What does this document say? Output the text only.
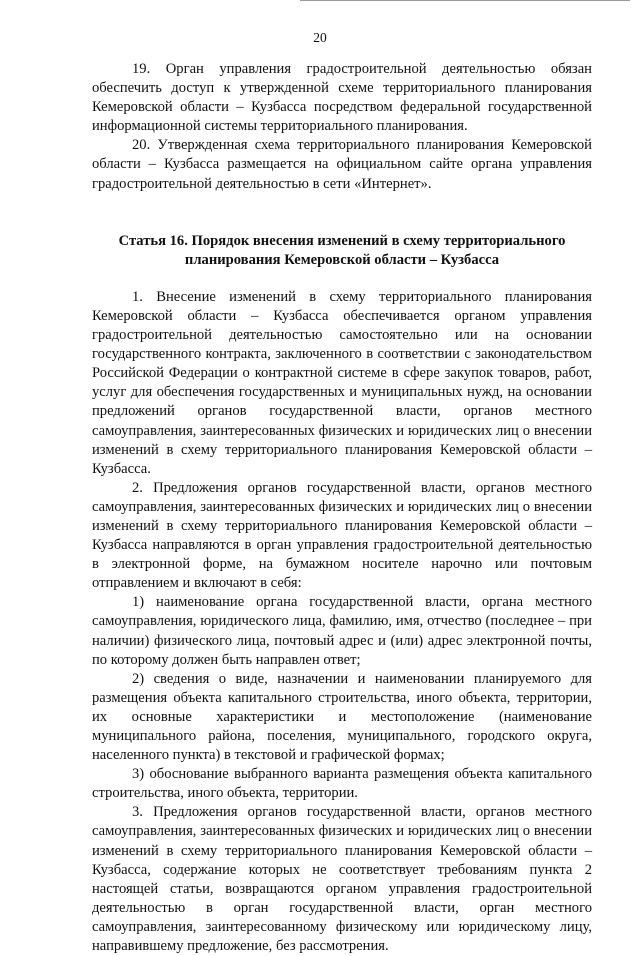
20

19. Орган управления градостроительной деятельностью обязан обеспечить доступ к утвержденной схеме территориального планирования Кемеровской области – Кузбасса посредством федеральной государственной информационной системы территориального планирования.

20. Утвержденная схема территориального планирования Кемеровской области – Кузбасса размещается на официальном сайте органа управления градостроительной деятельностью в сети «Интернет».

Статья 16. Порядок внесения изменений в схему территориального планирования Кемеровской области – Кузбасса

1. Внесение изменений в схему территориального планирования Кемеровской области – Кузбасса обеспечивается органом управления градостроительной деятельностью самостоятельно или на основании государственного контракта, заключенного в соответствии с законодательством Российской Федерации о контрактной системе в сфере закупок товаров, работ, услуг для обеспечения государственных и муниципальных нужд, на основании предложений органов государственной власти, органов местного самоуправления, заинтересованных физических и юридических лиц о внесении изменений в схему территориального планирования Кемеровской области – Кузбасса.

2. Предложения органов государственной власти, органов местного самоуправления, заинтересованных физических и юридических лиц о внесении изменений в схему территориального планирования Кемеровской области – Кузбасса направляются в орган управления градостроительной деятельностью в электронной форме, на бумажном носителе нарочно или почтовым отправлением и включают в себя:

1) наименование органа государственной власти, органа местного самоуправления, юридического лица, фамилию, имя, отчество (последнее – при наличии) физического лица, почтовый адрес и (или) адрес электронной почты, по которому должен быть направлен ответ;

2) сведения о виде, назначении и наименовании планируемого для размещения объекта капитального строительства, иного объекта, территории, их основные характеристики и местоположение (наименование муниципального района, поселения, муниципального, городского округа, населенного пункта) в текстовой и графической формах;

3) обоснование выбранного варианта размещения объекта капитального строительства, иного объекта, территории.

3. Предложения органов государственной власти, органов местного самоуправления, заинтересованных физических и юридических лиц о внесении изменений в схему территориального планирования Кемеровской области – Кузбасса, содержание которых не соответствует требованиям пункта 2 настоящей статьи, возвращаются органом управления градостроительной деятельностью в орган государственной власти, орган местного самоуправления, заинтересованному физическому или юридическому лицу, направившему предложение, без рассмотрения.
